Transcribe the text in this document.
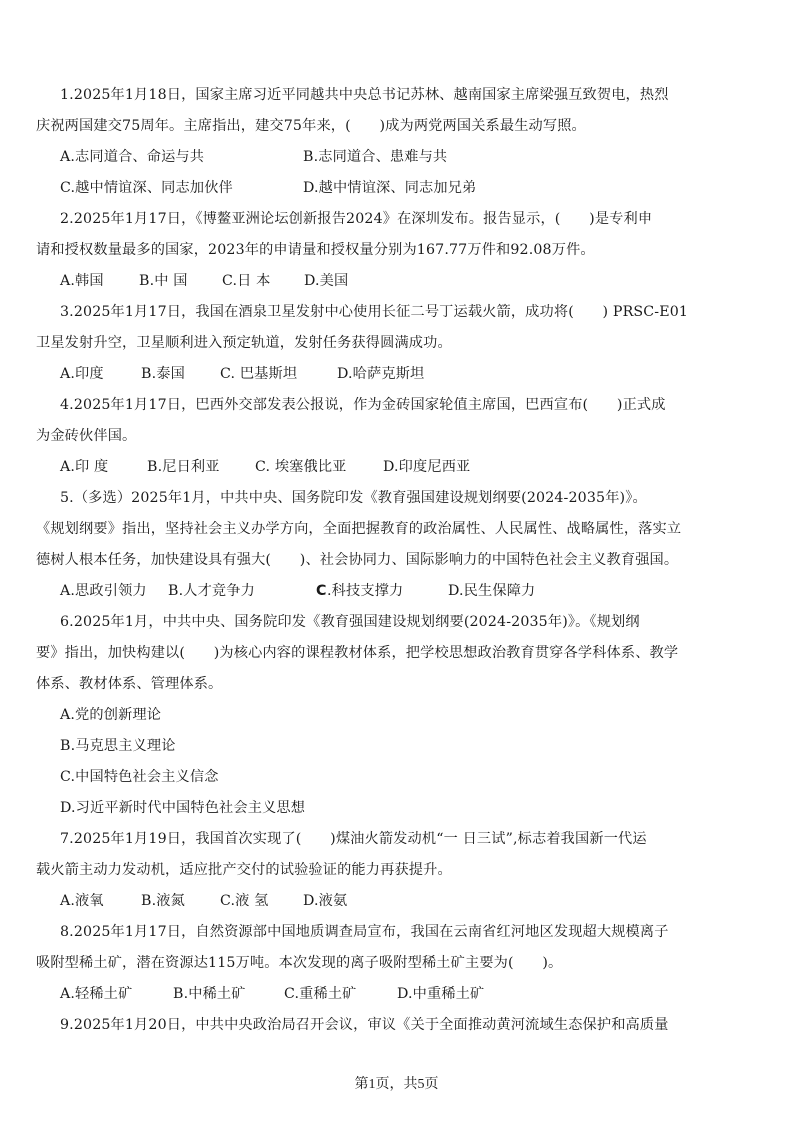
1.2025年1月18日，国家主席习近平同越共中央总书记苏林、越南国家主席梁强互致贺电，热烈
庆祝两国建交75周年。主席指出，建交75年来，(　　)成为两党两国关系最生动写照。
A.志同道合、命运与共	B.志同道合、患难与共
C.越中情谊深、同志加伙伴	D.越中情谊深、同志加兄弟
2.2025年1月17日，《博鳌亚洲论坛创新报告2024》在深圳发布。报告显示，(　　)是专利申
请和授权数量最多的国家，2023年的申请量和授权量分别为167.77万件和92.08万件。
A.韩国 B.中 国 C.日 本 D.美国
3.2025年1月17日，我国在酒泉卫星发射中心使用长征二号丁运载火箭，成功将(　　) PRSC-E01
卫星发射升空，卫星顺利进入预定轨道，发射任务获得圆满成功。
A.印度	B.泰国 C. 巴基斯坦	D.哈萨克斯坦
4.2025年1月17日，巴西外交部发表公报说，作为金砖国家轮值主席国，巴西宣布(　　)正式成
为金砖伙伴国。
A.印 度	B.尼日利亚 C. 埃塞俄比亚	D.印度尼西亚
5.（多选）2025年1月，中共中央、国务院印发《教育强国建设规划纲要(2024-2035年)》。
《规划纲要》指出，坚持社会主义办学方向，全面把握教育的政治属性、人民属性、战略属性，落实立
德树人根本任务，加快建设具有强大(　　)、社会协同力、国际影响力的中国特色社会主义教育强国。
A.思政引领力 B.人才竞争力	C .科技支撑力	D.民生保障力
6.2025年1月，中共中央、国务院印发《教育强国建设规划纲要(2024-2035年)》。《规划纲
要》指出，加快构建以(　　)为核心内容的课程教材体系，把学校思想政治教育贯穿各学科体系、教学
体系、教材体系、管理体系。
A.党的创新理论
B.马克思主义理论
C.中国特色社会主义信念
D.习近平新时代中国特色社会主义思想
7.2025年1月19日，我国首次实现了(　　)煤油火箭发动机“一 日三试”,标志着我国新一代运
载火箭主动力发动机，适应批产交付的试验验证的能力再获提升。
A.液氧	B.液氮 C.液 氢 D.液氨
8.2025年1月17日，自然资源部中国地质调查局宣布，我国在云南省红河地区发现超大规模离子
吸附型稀土矿，潜在资源达115万吨。本次发现的离子吸附型稀土矿主要为(　　)。
A.轻稀土矿	B.中稀土矿	C.重稀土矿	D.中重稀土矿
9.2025年1月20日，中共中央政治局召开会议，审议《关于全面推动黄河流域生态保护和高质量
第1页，共5页
